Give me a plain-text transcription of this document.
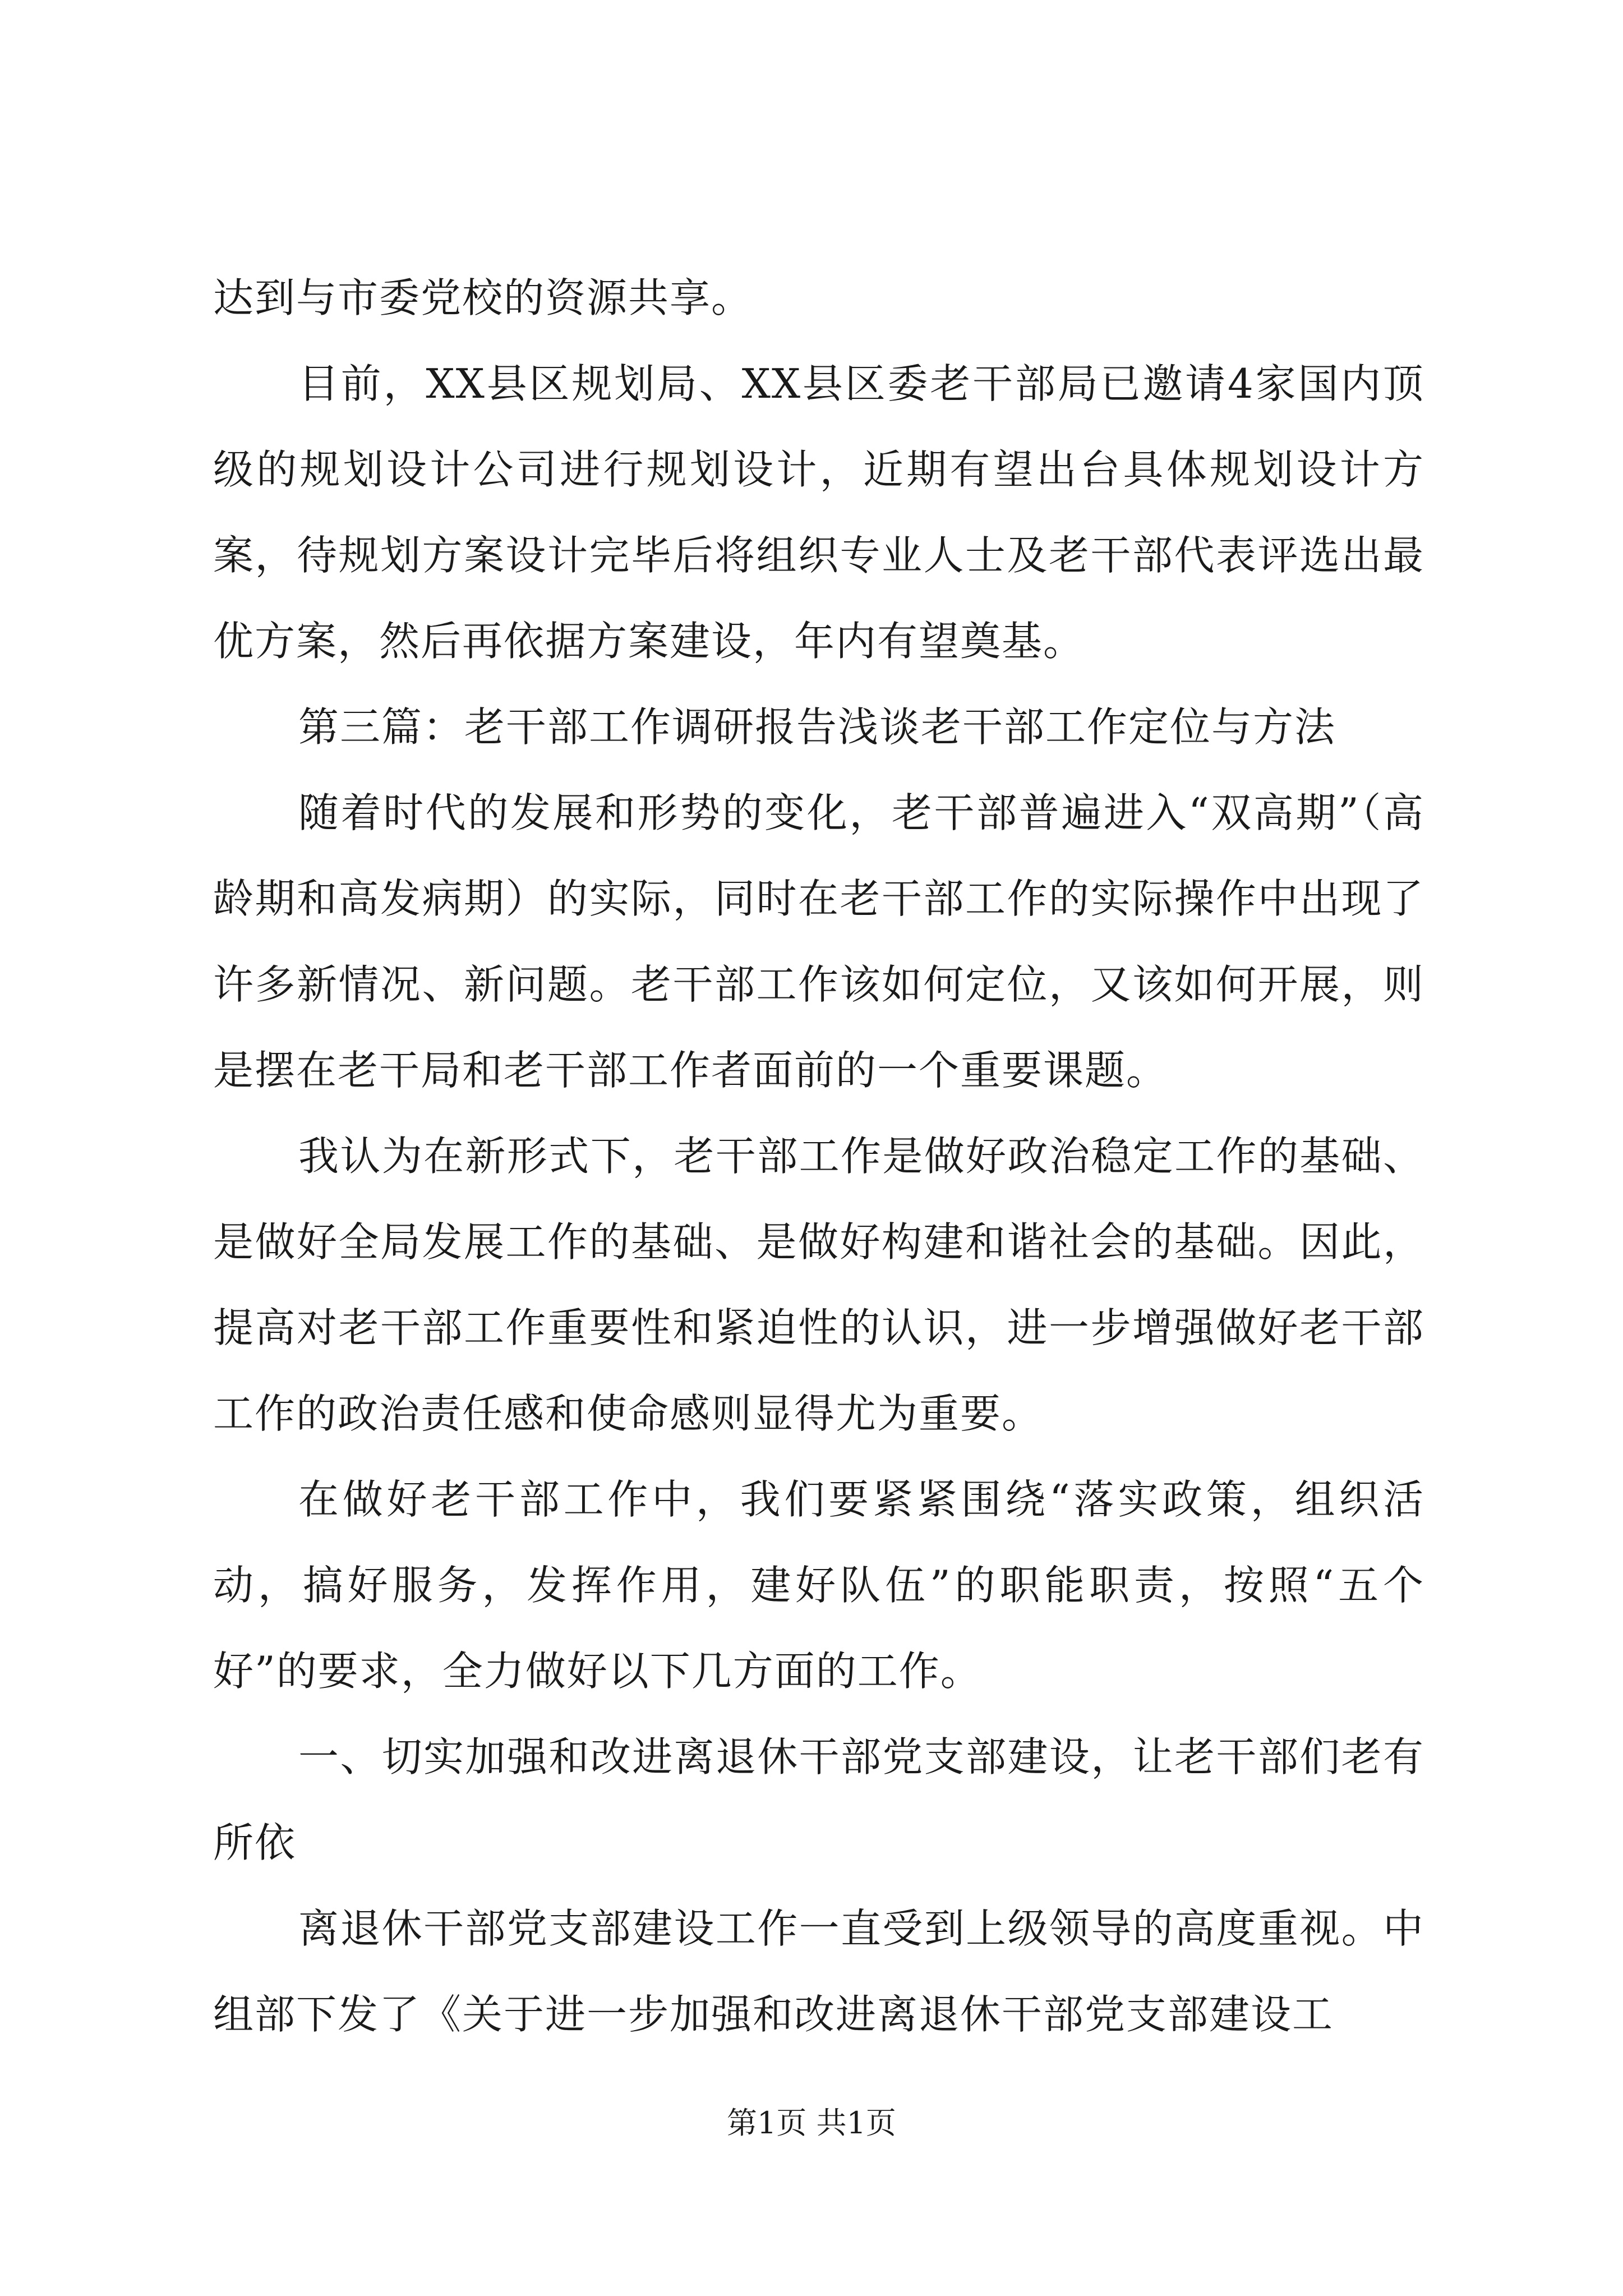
达到与市委党校的资源共享。

目前，XX县区规划局、XX县区委老干部局已邀请4家国内顶级的规划设计公司进行规划设计，近期有望出台具体规划设计方案，待规划方案设计完毕后将组织专业人士及老干部代表评选出最优方案，然后再依据方案建设，年内有望奠基。

第三篇：老干部工作调研报告浅谈老干部工作定位与方法

随着时代的发展和形势的变化，老干部普遍进入“双高期”（高龄期和高发病期）的实际，同时在老干部工作的实际操作中出现了许多新情况、新问题。老干部工作该如何定位，又该如何开展，则是摆在老干局和老干部工作者面前的一个重要课题。

我认为在新形式下，老干部工作是做好政治稳定工作的基础、是做好全局发展工作的基础、是做好构建和谐社会的基础。因此，提高对老干部工作重要性和紧迫性的认识，进一步增强做好老干部工作的政治责任感和使命感则显得尤为重要。

在做好老干部工作中，我们要紧紧围绕“落实政策，组织活动，搞好服务，发挥作用，建好队伍”的职能职责，按照“五个好”的要求，全力做好以下几方面的工作。

一、切实加强和改进离退休干部党支部建设，让老干部们老有所依

离退休干部党支部建设工作一直受到上级领导的高度重视。中组部下发了《关于进一步加强和改进离退休干部党支部建设工

第1页 共1页
